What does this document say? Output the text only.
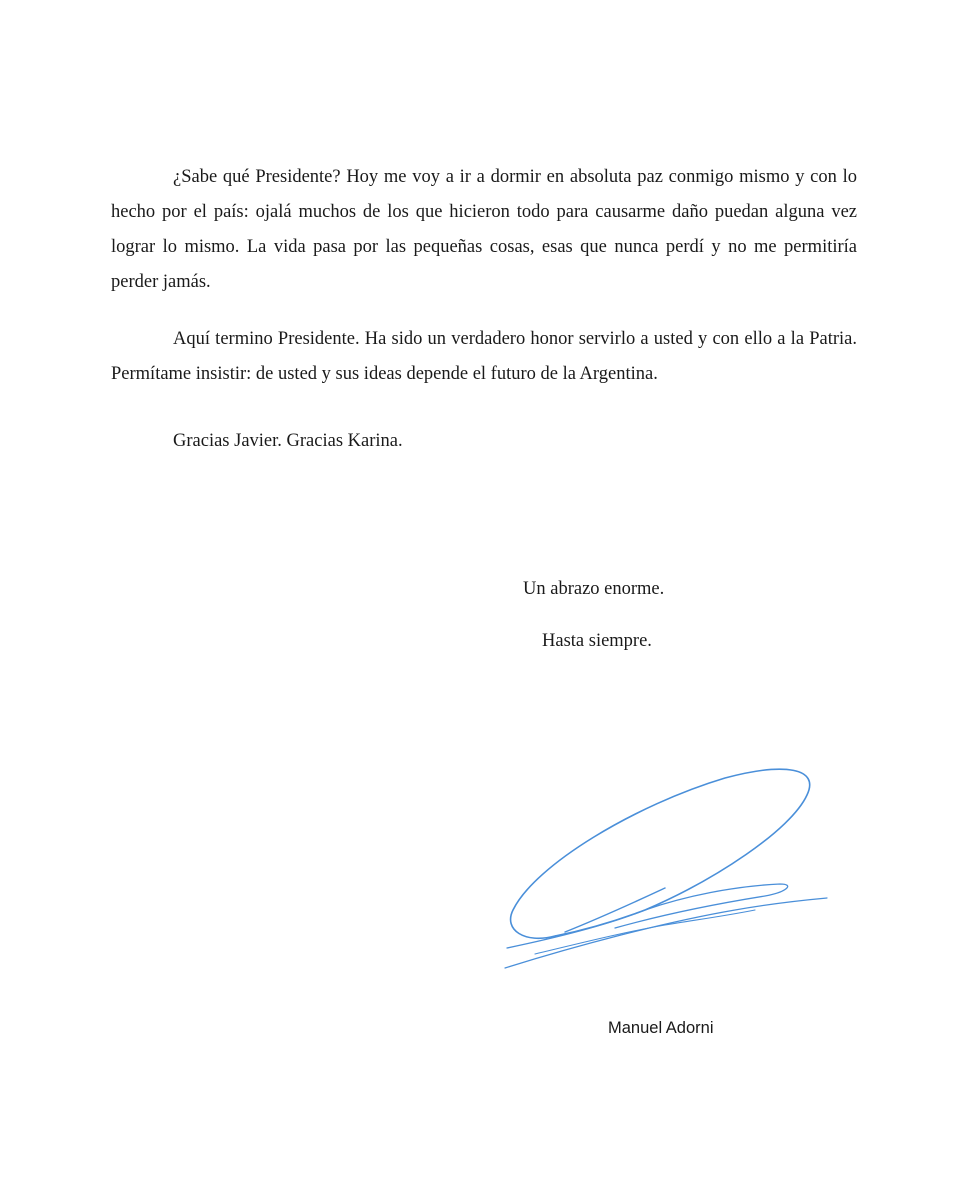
¿Sabe qué Presidente? Hoy me voy a ir a dormir en absoluta paz conmigo mismo y con lo hecho por el país: ojalá muchos de los que hicieron todo para causarme daño puedan alguna vez lograr lo mismo. La vida pasa por las pequeñas cosas, esas que nunca perdí y no me permitiría perder jamás.

Aquí termino Presidente. Ha sido un verdadero honor servirlo a usted y con ello a la Patria. Permítame insistir: de usted y sus ideas depende el futuro de la Argentina.

Gracias Javier. Gracias Karina.

Un abrazo enorme.

Hasta siempre.

Manuel Adorni
